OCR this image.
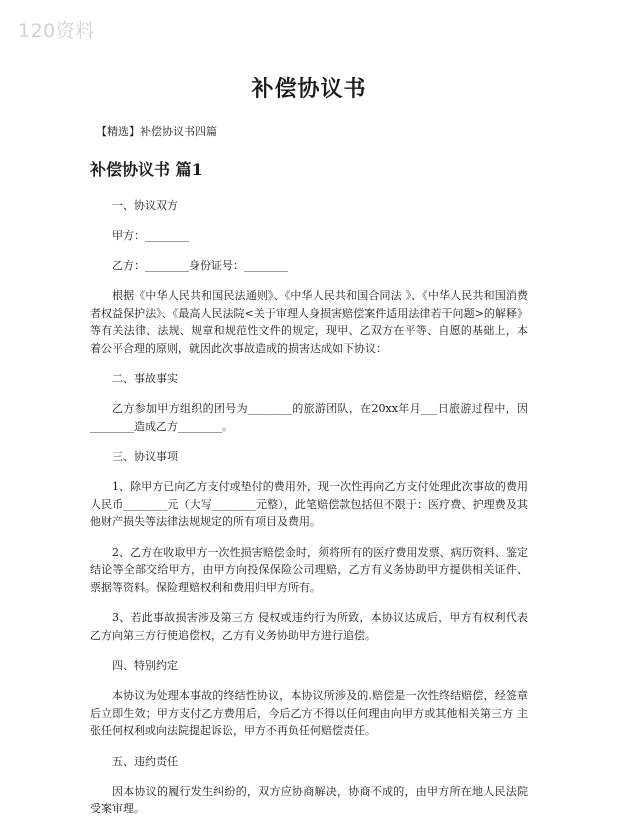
120资料
补偿协议书
【精选】补偿协议书四篇
补偿协议书 篇1
一、协议双方
甲方：________
乙方：________身份证号：________

根据《中华人民共和国民法通则》、《中华人民共和国合同法 》、《中华人民共和国消费者权益保护法》、《最高人民法院<关于审理人身损害赔偿案件适用法律若干问题>的解释》等有关法律、法规、规章和规范性文件的规定，现甲、乙双方在平等、自愿的基础上，本着公平合理的原则，就因此次事故造成的损害达成如下协议：

二、事故事实

乙方参加甲方组织的团号为________的旅游团队，在20xx年月___日旅游过程中，因________造成乙方________。

三、协议事项

1、除甲方已向乙方支付或垫付的费用外，现一次性再向乙方支付处理此次事故的费用人民币________元（大写________元整），此笔赔偿款包括但不限于：医疗费、护理费及其他财产损失等法律法规规定的所有项目及费用。

2、乙方在收取甲方一次性损害赔偿金时，须将所有的医疗费用发票、病历资料、鉴定结论等全部交给甲方，由甲方向投保保险公司理赔，乙方有义务协助甲方提供相关证件、票据等资料。保险理赔权利和费用归甲方所有。

3、若此事故损害涉及第三方 侵权或违约行为所致，本协议达成后，甲方有权利代表乙方向第三方行使追偿权，乙方有义务协助甲方进行追偿。

四、特别约定

本协议为处理本事故的终结性协议，本协议所涉及的.赔偿是一次性终结赔偿，经签章后立即生效；甲方支付乙方费用后，今后乙方不得以任何理由向甲方或其他相关第三方 主张任何权利或向法院提起诉讼，甲方不再负任何赔偿责任。

五、违约责任

因本协议的履行发生纠纷的，双方应协商解决，协商不成的，由甲方所在地人民法院受案审理。
